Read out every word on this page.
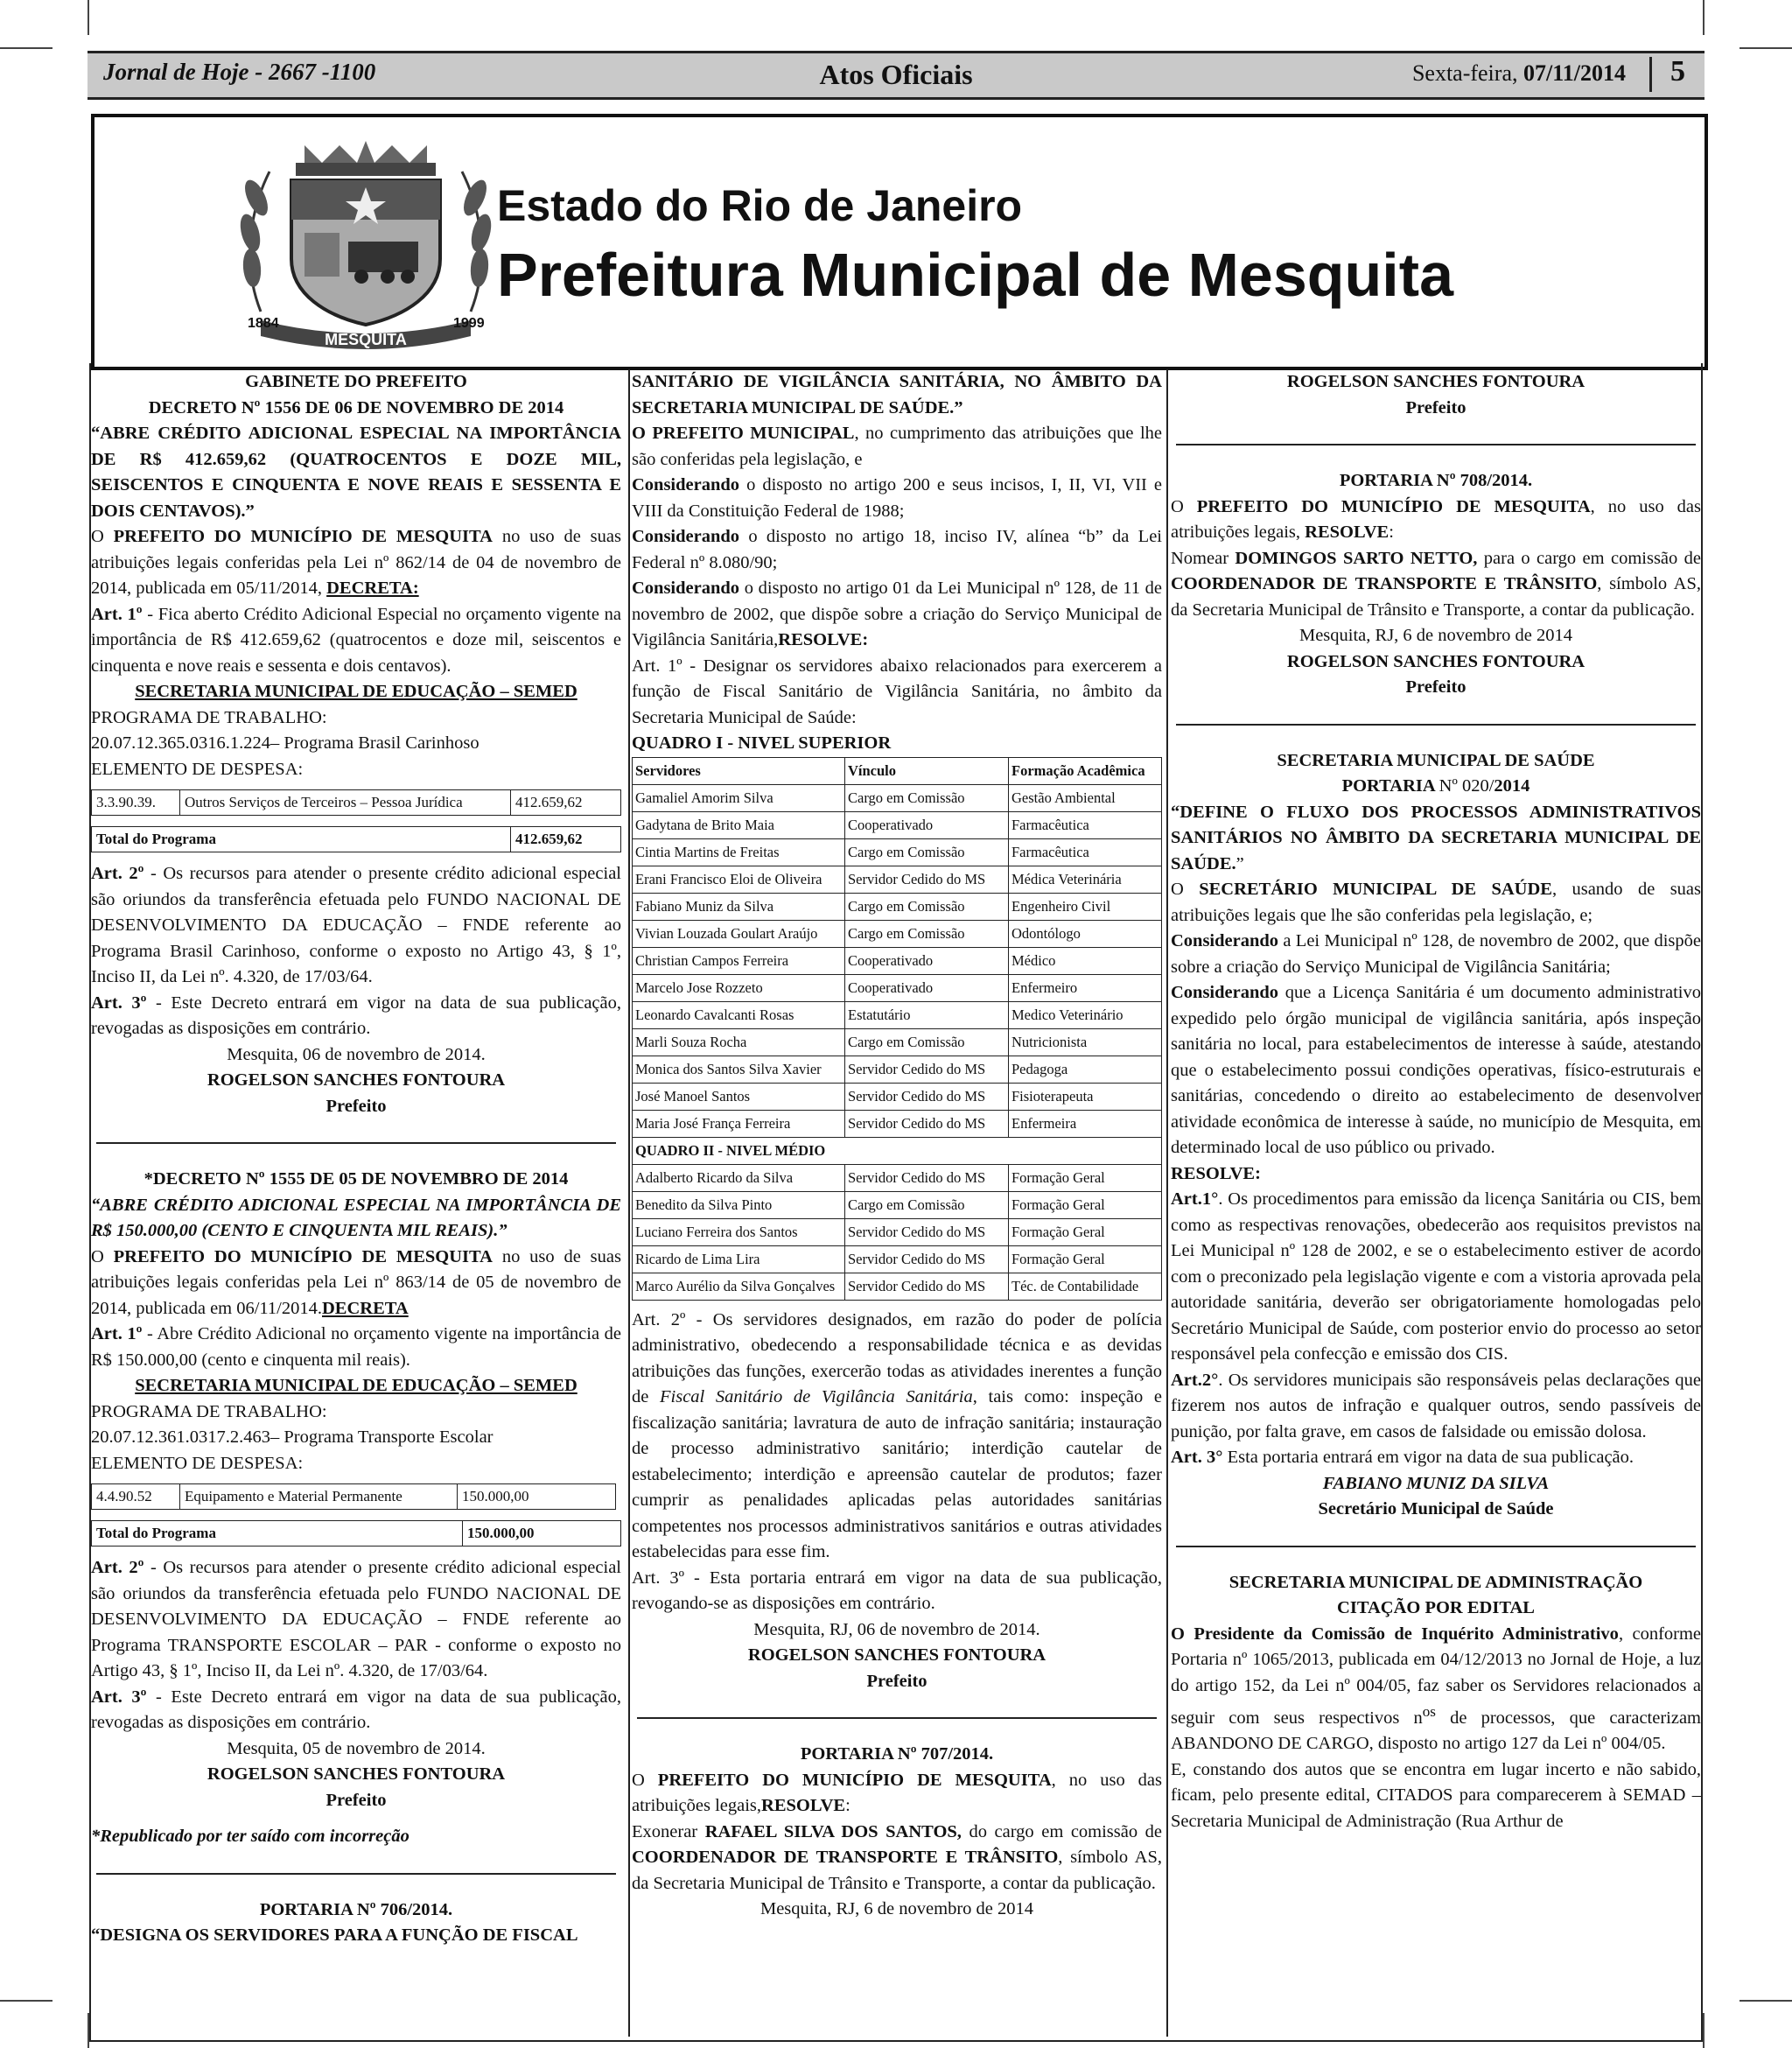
Jornal de Hoje - 2667 -1100	Atos Oficiais	Sexta-feira, 07/11/2014 5
1884
MESQUITA
1999
Estado do Rio de Janeiro
Prefeitura Municipal de Mesquita

GABINETE DO PREFEITO

DECRETO Nº 1556 DE 06 DE NOVEMBRO DE 2014

“ABRE CRÉDITO ADICIONAL ESPECIAL NA IMPORTÂNCIA DE R$ 412.659,62 (QUATROCENTOS E DOZE MIL, SEISCENTOS E CINQUENTA E NOVE REAIS E SESSENTA E DOIS CENTAVOS).”

O PREFEITO DO MUNICÍPIO DE MESQUITA no uso de suas atribuições legais conferidas pela Lei nº 862/14 de 04 de novembro de 2014, publicada em 05/11/2014, DECRETA:

Art. 1º - Fica aberto Crédito Adicional Especial no orçamento vigente na importância de R$ 412.659,62 (quatrocentos e doze mil, seiscentos e cinquenta e nove reais e sessenta e dois centavos).

SECRETARIA MUNICIPAL DE EDUCAÇÃO – SEMED

PROGRAMA DE TRABALHO:

20.07.12.365.0316.1.224– Programa Brasil Carinhoso

ELEMENTO DE DESPESA:

3.3.90.39.	Outros Serviços de Terceiros – Pessoa Jurídica	412.659,62
Total do Programa	412.659,62

Art. 2º - Os recursos para atender o presente crédito adicional especial são oriundos da transferência efetuada pelo FUNDO NACIONAL DE DESENVOLVIMENTO DA EDUCAÇÃO – FNDE referente ao Programa Brasil Carinhoso, conforme o exposto no Artigo 43, § 1º, Inciso II, da Lei nº. 4.320, de 17/03/64.

Art. 3º - Este Decreto entrará em vigor na data de sua publicação, revogadas as disposições em contrário.

Mesquita, 06 de novembro de 2014.

ROGELSON SANCHES FONTOURA

Prefeito

*DECRETO Nº 1555 DE 05 DE NOVEMBRO DE 2014

“ABRE CRÉDITO ADICIONAL ESPECIAL NA IMPORTÂNCIA DE R$ 150.000,00 (CENTO E CINQUENTA MIL REAIS).”

O PREFEITO DO MUNICÍPIO DE MESQUITA no uso de suas atribuições legais conferidas pela Lei nº 863/14 de 05 de novembro de 2014, publicada em 06/11/2014.DECRETA

Art. 1º - Abre Crédito Adicional no orçamento vigente na importância de R$ 150.000,00 (cento e cinquenta mil reais).

SECRETARIA MUNICIPAL DE EDUCAÇÃO – SEMED

PROGRAMA DE TRABALHO:

20.07.12.361.0317.2.463– Programa Transporte Escolar

ELEMENTO DE DESPESA:

4.4.90.52	Equipamento e Material Permanente	150.000,00
Total do Programa	150.000,00

Art. 2º - Os recursos para atender o presente crédito adicional especial são oriundos da transferência efetuada pelo FUNDO NACIONAL DE DESENVOLVIMENTO DA EDUCAÇÃO – FNDE referente ao Programa TRANSPORTE ESCOLAR – PAR - conforme o exposto no Artigo 43, § 1º, Inciso II, da Lei nº. 4.320, de 17/03/64.

Art. 3º - Este Decreto entrará em vigor na data de sua publicação, revogadas as disposições em contrário.

Mesquita, 05 de novembro de 2014.

ROGELSON SANCHES FONTOURA

Prefeito

*Republicado por ter saído com incorreção

PORTARIA Nº 706/2014.

“DESIGNA OS SERVIDORES PARA A FUNÇÃO DE FISCAL

SANITÁRIO DE VIGILÂNCIA SANITÁRIA, NO ÂMBITO DA SECRETARIA MUNICIPAL DE SAÚDE.”

O PREFEITO MUNICIPAL, no cumprimento das atribuições que lhe são conferidas pela legislação, e

Considerando o disposto no artigo 200 e seus incisos, I, II, VI, VII e VIII da Constituição Federal de 1988;

Considerando o disposto no artigo 18, inciso IV, alínea “b” da Lei Federal nº 8.080/90;

Considerando o disposto no artigo 01 da Lei Municipal nº 128, de 11 de novembro de 2002, que dispõe sobre a criação do Serviço Municipal de Vigilância Sanitária,RESOLVE:

Art. 1º - Designar os servidores abaixo relacionados para exercerem a função de Fiscal Sanitário de Vigilância Sanitária, no âmbito da Secretaria Municipal de Saúde:

QUADRO I - NIVEL SUPERIOR

Servidores	Vínculo	Formação Acadêmica
Gamaliel Amorim Silva	Cargo em Comissão	Gestão Ambiental
Gadytana de Brito Maia	Cooperativado	Farmacêutica
Cintia Martins de Freitas	Cargo em Comissão	Farmacêutica
Erani Francisco Eloi de Oliveira	Servidor Cedido do MS	Médica Veterinária
Fabiano Muniz da Silva	Cargo em Comissão	Engenheiro Civil
Vivian Louzada Goulart Araújo	Cargo em Comissão	Odontólogo
Christian Campos Ferreira	Cooperativado	Médico
Marcelo Jose Rozzeto	Cooperativado	Enfermeiro
Leonardo Cavalcanti Rosas	Estatutário	Medico Veterinário
Marli Souza Rocha	Cargo em Comissão	Nutricionista
Monica dos Santos Silva Xavier	Servidor Cedido do MS	Pedagoga
José Manoel Santos	Servidor Cedido do MS	Fisioterapeuta
Maria José França Ferreira	Servidor Cedido do MS	Enfermeira
QUADRO II - NIVEL MÉDIO		
Adalberto Ricardo da Silva	Servidor Cedido do MS	Formação Geral
Benedito da Silva Pinto	Cargo em Comissão	Formação Geral
Luciano Ferreira dos Santos	Servidor Cedido do MS	Formação Geral
Ricardo de Lima Lira	Servidor Cedido do MS	Formação Geral
Marco Aurélio da Silva Gonçalves	Servidor Cedido do MS	Téc. de Contabilidade

Art. 2º - Os servidores designados, em razão do poder de polícia administrativo, obedecendo a responsabilidade técnica e as devidas atribuições das funções, exercerão todas as atividades inerentes a função de Fiscal Sanitário de Vigilância Sanitária, tais como: inspeção e fiscalização sanitária; lavratura de auto de infração sanitária; instauração de processo administrativo sanitário; interdição cautelar de estabelecimento; interdição e apreensão cautelar de produtos; fazer cumprir as penalidades aplicadas pelas autoridades sanitárias competentes nos processos administrativos sanitários e outras atividades estabelecidas para esse fim.

Art. 3º - Esta portaria entrará em vigor na data de sua publicação, revogando-se as disposições em contrário.

Mesquita, RJ, 06 de novembro de 2014.

ROGELSON SANCHES FONTOURA

Prefeito

PORTARIA Nº 707/2014.

O PREFEITO DO MUNICÍPIO DE MESQUITA, no uso das atribuições legais,RESOLVE:

Exonerar RAFAEL SILVA DOS SANTOS, do cargo em comissão de COORDENADOR DE TRANSPORTE E TRÂNSITO, símbolo AS, da Secretaria Municipal de Trânsito e Transporte, a contar da publicação.

Mesquita, RJ, 6 de novembro de 2014

ROGELSON SANCHES FONTOURA

Prefeito

PORTARIA Nº 708/2014.

O PREFEITO DO MUNICÍPIO DE MESQUITA, no uso das atribuições legais, RESOLVE:

Nomear DOMINGOS SARTO NETTO, para o cargo em comissão de COORDENADOR DE TRANSPORTE E TRÂNSITO, símbolo AS, da Secretaria Municipal de Trânsito e Transporte, a contar da publicação.

Mesquita, RJ, 6 de novembro de 2014

ROGELSON SANCHES FONTOURA

Prefeito

SECRETARIA MUNICIPAL DE SAÚDE

PORTARIA Nº 020/2014

“DEFINE O FLUXO DOS PROCESSOS ADMINISTRATIVOS SANITÁRIOS NO ÂMBITO DA SECRETARIA MUNICIPAL DE SAÚDE.”

O SECRETÁRIO MUNICIPAL DE SAÚDE, usando de suas atribuições legais que lhe são conferidas pela legislação, e;

Considerando a Lei Municipal nº 128, de novembro de 2002, que dispõe sobre a criação do Serviço Municipal de Vigilância Sanitária;

Considerando que a Licença Sanitária é um documento administrativo expedido pelo órgão municipal de vigilância sanitária, após inspeção sanitária no local, para estabelecimentos de interesse à saúde, atestando que o estabelecimento possui condições operativas, físico-estruturais e sanitárias, concedendo o direito ao estabelecimento de desenvolver atividade econômica de interesse à saúde, no município de Mesquita, em determinado local de uso público ou privado.

RESOLVE:

Art.1°. Os procedimentos para emissão da licença Sanitária ou CIS, bem como as respectivas renovações, obedecerão aos requisitos previstos na Lei Municipal nº 128 de 2002, e se o estabelecimento estiver de acordo com o preconizado pela legislação vigente e com a vistoria aprovada pela autoridade sanitária, deverão ser obrigatoriamente homologadas pelo Secretário Municipal de Saúde, com posterior envio do processo ao setor responsável pela confecção e emissão dos CIS.

Art.2°. Os servidores municipais são responsáveis pelas declarações que fizerem nos autos de infração e qualquer outros, sendo passíveis de punição, por falta grave, em casos de falsidade ou emissão dolosa.

Art. 3° Esta portaria entrará em vigor na data de sua publicação.

FABIANO MUNIZ DA SILVA

Secretário Municipal de Saúde

SECRETARIA MUNICIPAL DE ADMINISTRAÇÃO

CITAÇÃO POR EDITAL

O Presidente da Comissão de Inquérito Administrativo, conforme Portaria nº 1065/2013, publicada em 04/12/2013 no Jornal de Hoje, a luz do artigo 152, da Lei nº 004/05, faz saber os Servidores relacionados a seguir com seus respectivos $n^{os}$ de processos, que caracterizam ABANDONO DE CARGO, disposto no artigo 127 da Lei nº 004/05.

E, constando dos autos que se encontra em lugar incerto e não sabido, ficam, pelo presente edital, CITADOS para comparecerem à SEMAD – Secretaria Municipal de Administração (Rua Arthur de
